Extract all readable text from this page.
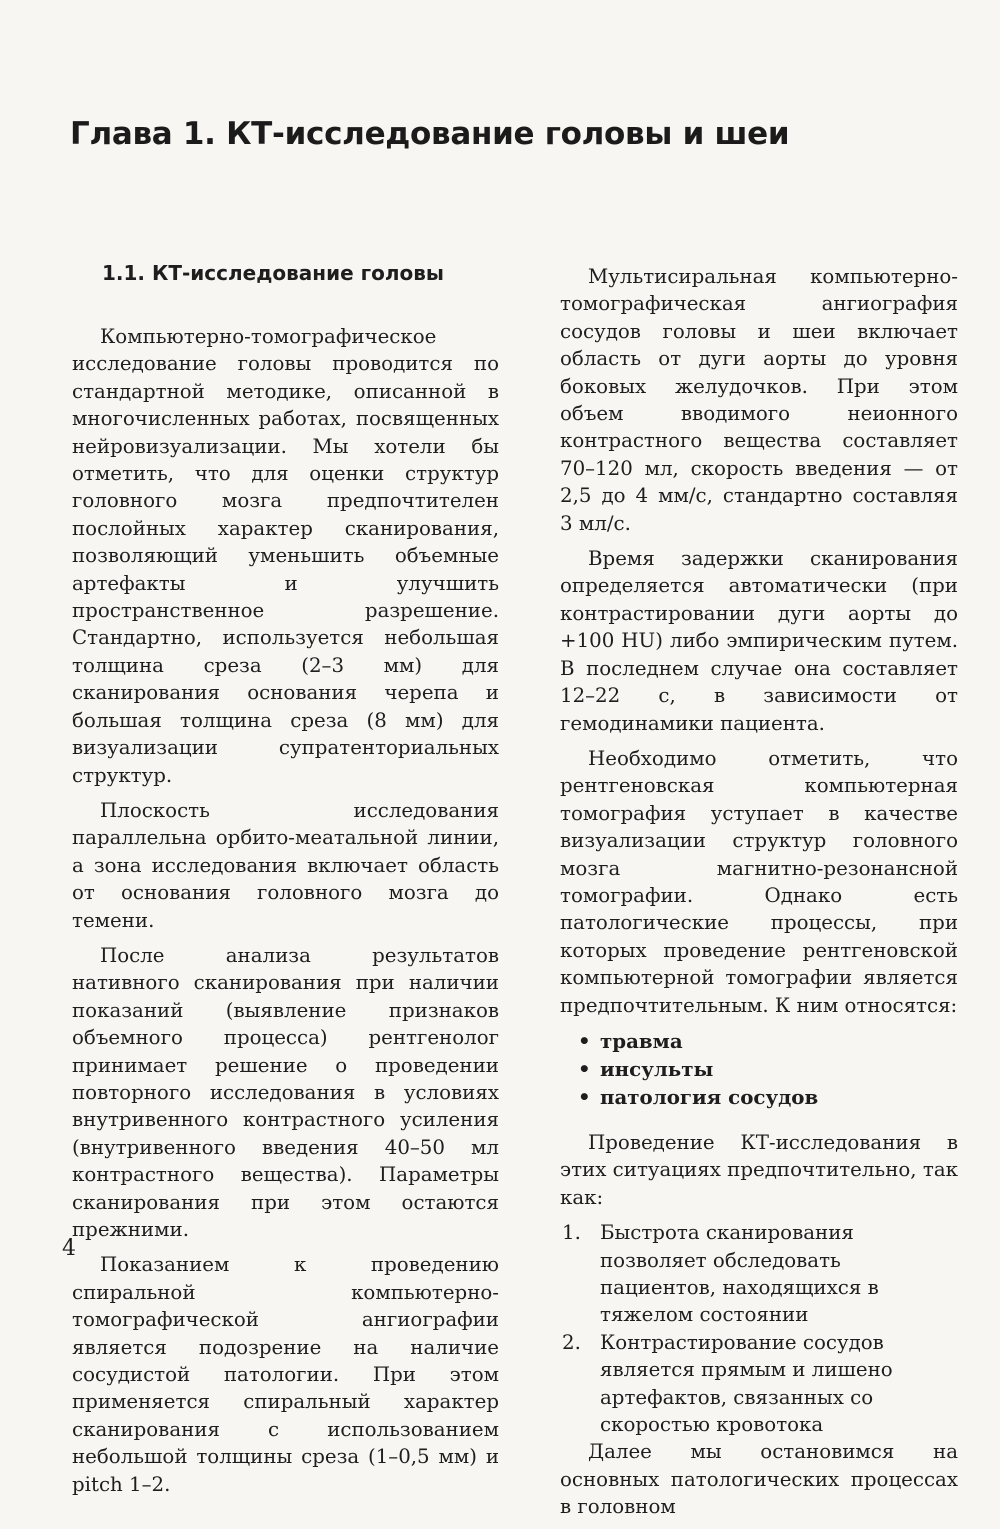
Глава 1. КТ-исследование головы и шеи
1.1. КТ-исследование головы

Компьютерно-томографическое исследование головы проводится по стандартной методике, описанной в многочисленных работах, посвященных нейровизуализации. Мы хотели бы отметить, что для оценки структур головного мозга предпочтителен послойных характер сканирования, позволяющий уменьшить объемные артефакты и улучшить пространственное разрешение. Стандартно, используется небольшая толщина среза (2–3 мм) для сканирования основания черепа и большая толщина среза (8 мм) для визуализации супратенториальных структур.

Плоскость исследования параллельна орбито-меатальной линии, а зона исследования включает область от основания головного мозга до темени.

После анализа результатов нативного сканирования при наличии показаний (выявление признаков объемного процесса) рентгенолог принимает решение о проведении повторного исследования в условиях внутривенного контрастного усиления (внутривенного введения 40–50 мл контрастного вещества). Параметры сканирования при этом остаются прежними.

Показанием к проведению спиральной компьютерно-томографической ангиографии является подозрение на наличие сосудистой патологии. При этом применяется спиральный характер сканирования с использованием небольшой толщины среза (1–0,5 мм) и pitch 1–2.

Мультисиральная компьютерно-томографическая ангиография сосудов головы и шеи включает область от дуги аорты до уровня боковых желудочков. При этом объем вводимого неионного контрастного вещества составляет 70–120 мл, скорость введения — от 2,5 до 4 мм/с, стандартно составляя 3 мл/с.

Время задержки сканирования определяется автоматически (при контрастировании дуги аорты до +100 HU) либо эмпирическим путем. В последнем случае она составляет 12–22 с, в зависимости от гемодинамики пациента.

Необходимо отметить, что рентгеновская компьютерная томография уступает в качестве визуализации структур головного мозга магнитно-резонансной томографии. Однако есть патологические процессы, при которых проведение рентгеновской компьютерной томографии является предпочтительным. К ним относятся:

• травма
• инсульты
• патология сосудов

Проведение КТ-исследования в этих ситуациях предпочтительно, так как:

1. Быстрота сканирования позволяет обследовать пациентов, находящихся в тяжелом состоянии
2. Контрастирование сосудов является прямым и лишено артефактов, связанных со скоростью кровотока

Далее мы остановимся на основных патологических процессах в головном

4
